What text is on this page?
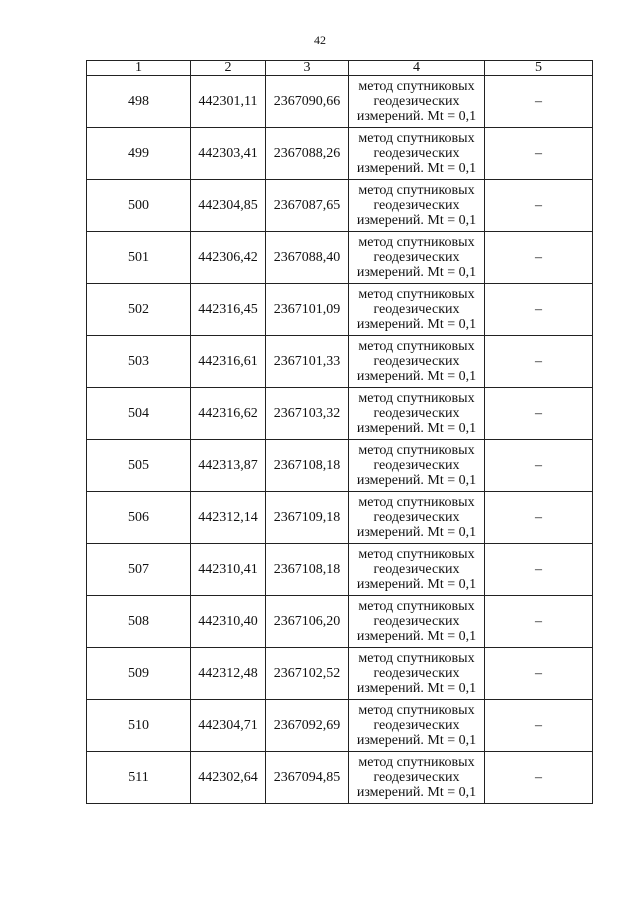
42
1	2	3	4	5
498	442301,11	2367090,66	метод спутниковых
геодезических
измерений. Mt = 0,1	–
499	442303,41	2367088,26	метод спутниковых
геодезических
измерений. Mt = 0,1	–
500	442304,85	2367087,65	метод спутниковых
геодезических
измерений. Mt = 0,1	–
501	442306,42	2367088,40	метод спутниковых
геодезических
измерений. Mt = 0,1	–
502	442316,45	2367101,09	метод спутниковых
геодезических
измерений. Mt = 0,1	–
503	442316,61	2367101,33	метод спутниковых
геодезических
измерений. Mt = 0,1	–
504	442316,62	2367103,32	метод спутниковых
геодезических
измерений. Mt = 0,1	–
505	442313,87	2367108,18	метод спутниковых
геодезических
измерений. Mt = 0,1	–
506	442312,14	2367109,18	метод спутниковых
геодезических
измерений. Mt = 0,1	–
507	442310,41	2367108,18	метод спутниковых
геодезических
измерений. Mt = 0,1	–
508	442310,40	2367106,20	метод спутниковых
геодезических
измерений. Mt = 0,1	–
509	442312,48	2367102,52	метод спутниковых
геодезических
измерений. Mt = 0,1	–
510	442304,71	2367092,69	метод спутниковых
геодезических
измерений. Mt = 0,1	–
511	442302,64	2367094,85	метод спутниковых
геодезических
измерений. Mt = 0,1	–
